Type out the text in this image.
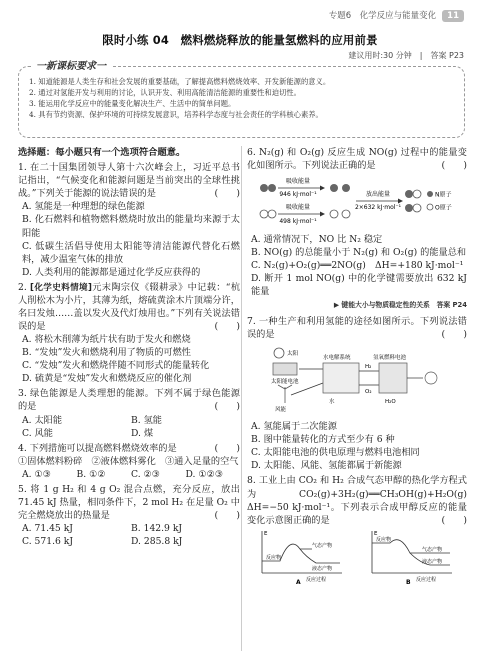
专题6　化学反应与能量变化	11
限时小练 04　燃料燃烧释放的能量氢燃料的应用前景
建议用时:30 分钟　|　答案 P23
一新课标要求一
1. 知道能源是人类生存和社会发展的重要基础，了解提高燃料燃烧效率、开发新能源的意义。
2. 通过对氢能开发与利用的讨论，认识开发、利用高能清洁能源的重要性和迫切性。
3. 能运用化学反应中的能量变化解决生产、生活中的简单问题。
4. 具有节约资源、保护环境的可持续发展意识，培养科学态度与社会责任的学科核心素养。
选择题：每小题只有一个选项符合题意。
1. 在二十国集团领导人第十六次峰会上，习近平总书记指出，“气候变化和能源问题是当前突出的全球性挑战。”下列关于能源的说法错误的是	(　　)
A. 氢能是一种理想的绿色能源
B. 化石燃料和植物燃料燃烧时放出的能量均来源于太阳能
C. 低碳生活倡导使用太阳能等清洁能源代替化石燃料，减少温室气体的排放
D. 人类利用的能源都是通过化学反应获得的
2. [化学史料情境]元末陶宗仪《辍耕录》中记载：“杭人削松木为小片，其薄为纸，熔硫黄涂木片顶端分许，名曰发烛……盖以发火及代灯烛用也。”下列有关说法错误的是	(　　)
A. 将松木削薄为纸片状有助于发火和燃烧
B. “发烛”发火和燃烧利用了物质的可燃性
C. “发烛”发火和燃烧伴随不同形式的能量转化
D. 硫黄是“发烛”发火和燃烧反应的催化剂
3. 绿色能源是人类理想的能源。下列不属于绿色能源的是	(　　)
A. 太阳能	B. 氢能
C. 风能	D. 煤
4. 下列措施可以提高燃料燃烧效率的是	(　　)
①固体燃料粉碎　②液体燃料雾化　③通入足量的空气
A. ①③	B. ①②	C. ②③	D. ①②③
5. 将 1 g H₂ 和 4 g O₂ 混合点燃，充分反应，放出 71.45 kJ 热量，相同条件下，2 mol H₂ 在足量 O₂ 中完全燃烧放出的热量是	(　　)
A. 71.45 kJ	B. 142.9 kJ
C. 571.6 kJ	D. 285.8 kJ
6. N₂(g) 和 O₂(g) 反应生成 NO(g) 过程中的能量变化如图所示。下列说法正确的是	(　　)
吸收能量
946 kJ·mol⁻¹
吸收能量
498 kJ·mol⁻¹
放出能量
2×632 kJ·mol⁻¹
N原子
O原子
A. 通常情况下，NO 比 N₂ 稳定
B. NO(g) 的总能量小于 N₂(g) 和 O₂(g) 的能量总和
C. N₂(g)+O₂(g)══2NO(g)　ΔH=+180 kJ·mol⁻¹
D. 断开 1 mol NO(g) 中的化学键需要放出 632 kJ 能量
▶ 键能大小与物质稳定性的关系　答案 P24
7. 一种生产和利用氢能的途径如图所示。下列说法错误的是	(　　)
太阳
太阳能电池
风能
水电解系统
水
H₂
O₂
氢氧燃料电池
H₂O
A. 氢能属于二次能源
B. 图中能量转化的方式至少有 6 种
C. 太阳能电池的供电原理与燃料电池相同
D. 太阳能、风能、氢能都属于新能源
8. 工业上由 CO₂ 和 H₂ 合成气态甲醇的热化学方程式为 CO₂(g)+3H₂(g)══CH₃OH(g)+H₂O(g)　ΔH=−50 kJ·mol⁻¹。下列表示合成甲醇反应的能量变化示意图正确的是	(　　)
E
反应物
气态产物
液态产物
反应过程
A
E
反应物
气态产物
液态产物
反应过程
B
